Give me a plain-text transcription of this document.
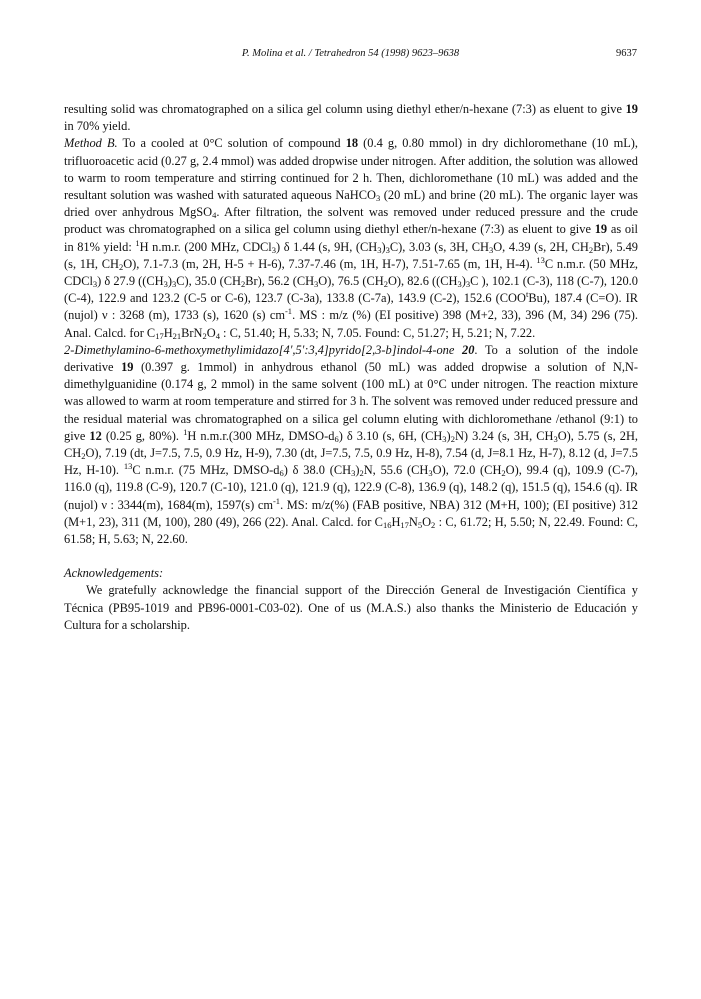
P. Molina et al. / Tetrahedron 54 (1998) 9623–9638	9637

resulting solid was chromatographed on a silica gel column using diethyl ether/n-hexane (7:3) as eluent to give 19 in 70% yield.

Method B. To a cooled at 0°C solution of compound 18 (0.4 g, 0.80 mmol) in dry dichloromethane (10 mL), trifluoroacetic acid (0.27 g, 2.4 mmol) was added dropwise under nitrogen. After addition, the solution was allowed to warm to room temperature and stirring continued for 2 h. Then, dichloromethane (10 mL) was added and the resultant solution was washed with saturated aqueous NaHCO$_3$ (20 mL) and brine (20 mL). The organic layer was dried over anhydrous MgSO$_4$. After filtration, the solvent was removed under reduced pressure and the crude product was chromatographed on a silica gel column using diethyl ether/n-hexane (7:3) as eluent to give 19 as oil in 81% yield: $^1$H n.m.r. (200 MHz, CDCl$_3$) δ 1.44 (s, 9H, $(CH_3)_3C$), 3.03 (s, 3H, $CH_3O$, 4.39 (s, 2H, $CH_2Br$), 5.49 (s, 1H, $CH_2O$), 7.1-7.3 (m, 2H, H-5 + H-6), 7.37-7.46 (m, 1H, H-7), 7.51-7.65 (m, 1H, H-4). $^{13}$C n.m.r. (50 MHz, CDCl$_3$) δ 27.9 $((CH_3)_3C)$, 35.0 $(CH_2Br)$, 56.2 $(CH_3O)$, 76.5 $(CH_2O)$, 82.6 ($(CH_3)_3C$ ), 102.1 (C-3), 118 (C-7), 120.0 (C-4), 122.9 and 123.2 (C-5 or C-6), 123.7 (C-3a), 133.8 (C-7a), 143.9 (C-2), 152.6 (COO$^t$Bu), 187.4 (C=O). IR (nujol) ν : 3268 (m), 1733 (s), 1620 (s) $cm^{-1}$. MS : m/z (%) (EI positive) 398 (M+2, 33), 396 (M, 34) 296 (75). Anal. Calcd. for $C_{17}H_{21}BrN_2O_4$ : C, 51.40; H, 5.33; N, 7.05. Found: C, 51.27; H, 5.21; N, 7.22.

2-Dimethylamino-6-methoxymethylimidazo[4',5':3,4]pyrido[2,3-b]indol-4-one 20. To a solution of the indole derivative 19 (0.397 g. 1mmol) in anhydrous ethanol (50 mL) was added dropwise a solution of N,N-dimethylguanidine (0.174 g, 2 mmol) in the same solvent (100 mL) at 0°C under nitrogen. The reaction mixture was allowed to warm at room temperature and stirred for 3 h. The solvent was removed under reduced pressure and the residual material was chromatographed on a silica gel column eluting with dichloromethane /ethanol (9:1) to give 12 (0.25 g, 80%). $^1$H n.m.r.(300 MHz, DMSO-$d_6$) δ 3.10 (s, 6H, $(CH_3)_2N$) 3.24 (s, 3H, $CH_3O$), 5.75 (s, 2H, $CH_2O$), 7.19 (dt, J=7.5, 7.5, 0.9 Hz, H-9), 7.30 (dt, J=7.5, 7.5, 0.9 Hz, H-8), 7.54 (d, J=8.1 Hz, H-7), 8.12 (d, J=7.5 Hz, H-10). $^{13}$C n.m.r. (75 MHz, DMSO-$d_6$) δ 38.0 $(CH_3)_2N$, 55.6 $(CH_3O)$, 72.0 $(CH_2O)$, 99.4 (q), 109.9 (C-7), 116.0 (q), 119.8 (C-9), 120.7 (C-10), 121.0 (q), 121.9 (q), 122.9 (C-8), 136.9 (q), 148.2 (q), 151.5 (q), 154.6 (q). IR (nujol) ν : 3344(m), 1684(m), 1597(s) $cm^{-1}$. MS: m/z(%) (FAB positive, NBA) 312 (M+H, 100); (EI positive) 312 (M+1, 23), 311 (M, 100), 280 (49), 266 (22). Anal. Calcd. for $C_{16}H_{17}N_5O_2$ : C, 61.72; H, 5.50; N, 22.49. Found: C, 61.58; H, 5.63; N, 22.60.

Acknowledgements:

We gratefully acknowledge the financial support of the Dirección General de Investigación Científica y Técnica (PB95-1019 and PB96-0001-C03-02). One of us (M.A.S.) also thanks the Ministerio de Educación y Cultura for a scholarship.
